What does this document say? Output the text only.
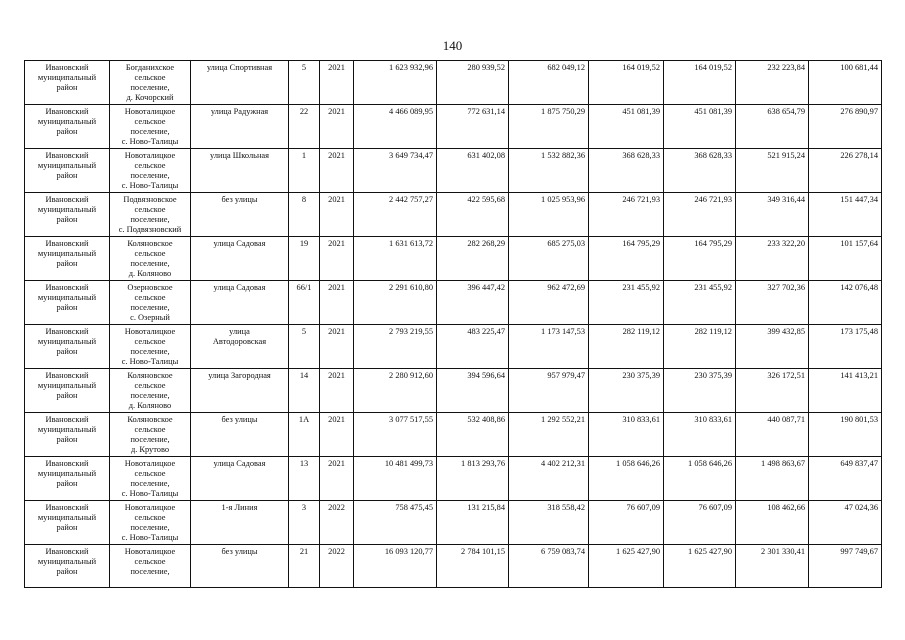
140
Ивановский
муниципальный
район	Богданихское
сельское
поселение,
д. Кочорский	улица Спортивная	5	2021	1 623 932,96	280 939,52	682 049,12	164 019,52	164 019,52	232 223,84	100 681,44

Ивановский
муниципальный
район	Новоталицкое
сельское
поселение,
с. Ново-Талицы	улица Радужная	22	2021	4 466 089,95	772 631,14	1 875 750,29	451 081,39	451 081,39	638 654,79	276 890,97

Ивановский
муниципальный
район	Новоталицкое
сельское
поселение,
с. Ново-Талицы	улица Школьная	1	2021	3 649 734,47	631 402,08	1 532 882,36	368 628,33	368 628,33	521 915,24	226 278,14

Ивановский
муниципальный
район	Подвязновское
сельское
поселение,
с. Подвязновский	без улицы	8	2021	2 442 757,27	422 595,68	1 025 953,96	246 721,93	246 721,93	349 316,44	151 447,34

Ивановский
муниципальный
район	Коляновское
сельское
поселение,
д. Коляново	улица Садовая	19	2021	1 631 613,72	282 268,29	685 275,03	164 795,29	164 795,29	233 322,20	101 157,64

Ивановский
муниципальный
район	Озерновское
сельское
поселение,
с. Озерный	улица Садовая	66/1	2021	2 291 610,80	396 447,42	962 472,69	231 455,92	231 455,92	327 702,36	142 076,48

Ивановский
муниципальный
район	Новоталицкое
сельское
поселение,
с. Ново-Талицы	улица
Автодоровская	5	2021	2 793 219,55	483 225,47	1 173 147,53	282 119,12	282 119,12	399 432,85	173 175,48

Ивановский
муниципальный
район	Коляновское
сельское
поселение,
д. Коляново	улица Загородная	14	2021	2 280 912,60	394 596,64	957 979,47	230 375,39	230 375,39	326 172,51	141 413,21

Ивановский
муниципальный
район	Коляновское
сельское
поселение,
д. Крутово	без улицы	1А	2021	3 077 517,55	532 408,86	1 292 552,21	310 833,61	310 833,61	440 087,71	190 801,53

Ивановский
муниципальный
район	Новоталицкое
сельское
поселение,
с. Ново-Талицы	улица Садовая	13	2021	10 481 499,73	1 813 293,76	4 402 212,31	1 058 646,26	1 058 646,26	1 498 863,67	649 837,47

Ивановский
муниципальный
район	Новоталицкое
сельское
поселение,
с. Ново-Талицы	1-я Линия	3	2022	758 475,45	131 215,84	318 558,42	76 607,09	76 607,09	108 462,66	47 024,36

Ивановский
муниципальный
район	Новоталицкое
сельское
поселение,	без улицы	21	2022	16 093 120,77	2 784 101,15	6 759 083,74	1 625 427,90	1 625 427,90	2 301 330,41	997 749,67
